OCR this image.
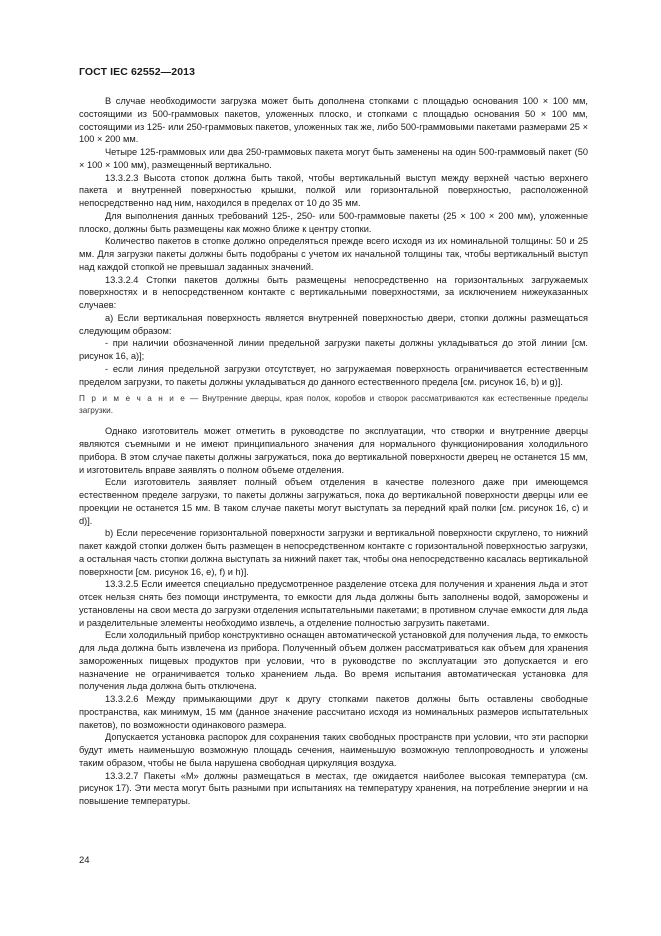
ГОСТ IEC 62552—2013

В случае необходимости загрузка может быть дополнена стопками с площадью основания 100 × 100 мм, состоящими из 500-граммовых пакетов, уложенных плоско, и стопками с площадью основания 50 × 100 мм, состоящими из 125- или 250-граммовых пакетов, уложенных так же, либо 500-граммовыми пакетами размерами 25 × 100 × 200 мм.

Четыре 125-граммовых или два 250-граммовых пакета могут быть заменены на один 500-граммовый пакет (50 × 100 × 100 мм), размещенный вертикально.

13.3.2.3 Высота стопок должна быть такой, чтобы вертикальный выступ между верхней частью верхнего пакета и внутренней поверхностью крышки, полкой или горизонтальной поверхностью, расположенной непосредственно над ним, находился в пределах от 10 до 35 мм.

Для выполнения данных требований 125-, 250- или 500-граммовые пакеты (25 × 100 × 200 мм), уложенные плоско, должны быть размещены как можно ближе к центру стопки.

Количество пакетов в стопке должно определяться прежде всего исходя из их номинальной толщины: 50 и 25 мм. Для загрузки пакеты должны быть подобраны с учетом их начальной толщины так, чтобы вертикальный выступ над каждой стопкой не превышал заданных значений.

13.3.2.4 Стопки пакетов должны быть размещены непосредственно на горизонтальных загружаемых поверхностях и в непосредственном контакте с вертикальными поверхностями, за исключением нижеуказанных случаев:

а) Если вертикальная поверхность является внутренней поверхностью двери, стопки должны размещаться следующим образом:

- при наличии обозначенной линии предельной загрузки пакеты должны укладываться до этой линии [см. рисунок 16, а)];

- если линия предельной загрузки отсутствует, но загружаемая поверхность ограничивается естественным пределом загрузки, то пакеты должны укладываться до данного естественного предела [см. рисунок 16, b) и g)].

П р и м е ч а н и е — Внутренние дверцы, края полок, коробов и створок рассматриваются как естественные пределы загрузки.

Однако изготовитель может отметить в руководстве по эксплуатации, что створки и внутренние дверцы являются съемными и не имеют принципиального значения для нормального функционирования холодильного прибора. В этом случае пакеты должны загружаться, пока до вертикальной поверхности дверец не останется 15 мм, и изготовитель вправе заявлять о полном объеме отделения.

Если изготовитель заявляет полный объем отделения в качестве полезного даже при имеющемся естественном пределе загрузки, то пакеты должны загружаться, пока до вертикальной поверхности дверцы или ее проекции не останется 15 мм. В таком случае пакеты могут выступать за передний край полки [см. рисунок 16, c) и d)].

b) Если пересечение горизонтальной поверхности загрузки и вертикальной поверхности скруглено, то нижний пакет каждой стопки должен быть размещен в непосредственном контакте с горизонтальной поверхностью загрузки, а остальная часть стопки должна выступать за нижний пакет так, чтобы она непосредственно касалась вертикальной поверхности [см. рисунок 16, е), f) и h)].

13.3.2.5 Если имеется специально предусмотренное разделение отсека для получения и хранения льда и этот отсек нельзя снять без помощи инструмента, то емкости для льда должны быть заполнены водой, заморожены и установлены на свои места до загрузки отделения испытательными пакетами; в противном случае емкости для льда и разделительные элементы необходимо извлечь, а отделение полностью загрузить пакетами.

Если холодильный прибор конструктивно оснащен автоматической установкой для получения льда, то емкость для льда должна быть извлечена из прибора. Полученный объем должен рассматриваться как объем для хранения замороженных пищевых продуктов при условии, что в руководстве по эксплуатации это допускается и его назначение не ограничивается только хранением льда. Во время испытания автоматическая установка для получения льда должна быть отключена.

13.3.2.6 Между примыкающими друг к другу стопками пакетов должны быть оставлены свободные пространства, как минимум, 15 мм (данное значение рассчитано исходя из номинальных размеров испытательных пакетов), по возможности одинакового размера.

Допускается установка распорок для сохранения таких свободных пространств при условии, что эти распорки будут иметь наименьшую возможную площадь сечения, наименьшую возможную теплопроводность и уложены таким образом, чтобы не была нарушена свободная циркуляция воздуха.

13.3.2.7 Пакеты «М» должны размещаться в местах, где ожидается наиболее высокая температура (см. рисунок 17). Эти места могут быть разными при испытаниях на температуру хранения, на потребление энергии и на повышение температуры.

24
